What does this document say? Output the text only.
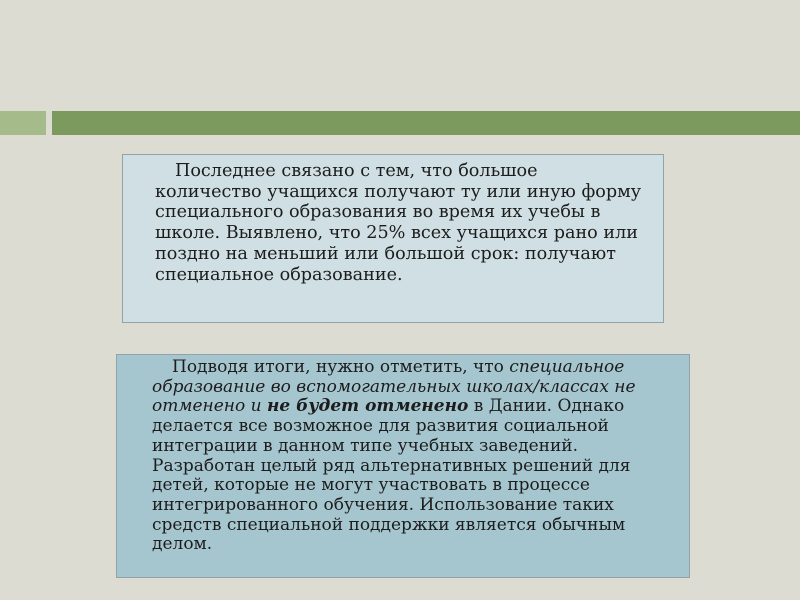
Последнее связано с тем, что большое количество учащихся получают ту или иную форму специального образования во время их учебы в школе. Выявлено, что 25% всех учащихся рано или поздно на меньший или большой срок: получают специальное образование.

Подводя итоги, нужно отметить, что специальное образование во вспомогательных школах/классах не отменено и не будет отменено в Дании. Однако делается все возможное для развития социальной интеграции в данном типе учебных заведений. Разработан целый ряд альтернативных решений для детей, которые не могут участвовать в процессе интегрированного обучения. Использование таких средств специальной поддержки является обычным делом.
